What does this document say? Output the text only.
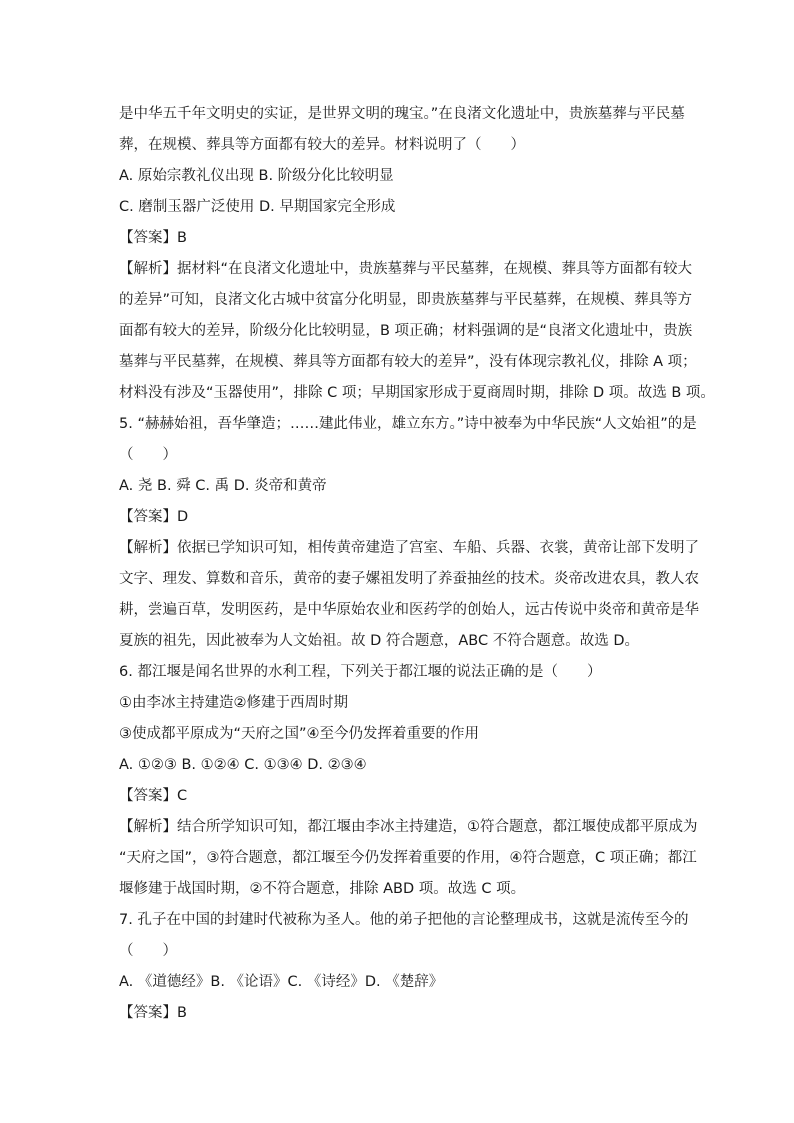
是中华五千年文明史的实证，是世界文明的瑰宝。”在良渚文化遗址中，贵族墓葬与平民墓
葬，在规模、葬具等方面都有较大的差异。材料说明了（　　）
A. 原始宗教礼仪出现 B. 阶级分化比较明显
C. 磨制玉器广泛使用 D. 早期国家完全形成
【答案】B
【解析】据材料“在良渚文化遗址中，贵族墓葬与平民墓葬，在规模、葬具等方面都有较大
的差异”可知，良渚文化古城中贫富分化明显，即贵族墓葬与平民墓葬，在规模、葬具等方
面都有较大的差异，阶级分化比较明显，B 项正确；材料强调的是“良渚文化遗址中，贵族
墓葬与平民墓葬，在规模、葬具等方面都有较大的差异”，没有体现宗教礼仪，排除 A 项；
材料没有涉及“玉器使用”，排除 C 项；早期国家形成于夏商周时期，排除 D 项。故选 B 项。
5. “赫赫始祖，吾华肇造；……建此伟业，雄立东方。”诗中被奉为中华民族“人文始祖”的是
（　　）
A. 尧 B. 舜 C. 禹 D. 炎帝和黄帝
【答案】D
【解析】依据已学知识可知，相传黄帝建造了宫室、车船、兵器、衣裳，黄帝让部下发明了
文字、理发、算数和音乐，黄帝的妻子嫘祖发明了养蚕抽丝的技术。炎帝改进农具，教人农
耕，尝遍百草，发明医药，是中华原始农业和医药学的创始人，远古传说中炎帝和黄帝是华
夏族的祖先，因此被奉为人文始祖。故 D 符合题意，ABC 不符合题意。故选 D。
6. 都江堰是闻名世界的水利工程，下列关于都江堰的说法正确的是（　　）
①由李冰主持建造②修建于西周时期
③使成都平原成为“天府之国”④至今仍发挥着重要的作用
A. ①②③ B. ①②④ C. ①③④ D. ②③④
【答案】C
【解析】结合所学知识可知，都江堰由李冰主持建造，①符合题意，都江堰使成都平原成为
“天府之国”，③符合题意，都江堰至今仍发挥着重要的作用，④符合题意，C 项正确；都江
堰修建于战国时期，②不符合题意，排除 ABD 项。故选 C 项。
7. 孔子在中国的封建时代被称为圣人。他的弟子把他的言论整理成书，这就是流传至今的
（　　）
A. 《道德经》B. 《论语》C. 《诗经》D. 《楚辞》
【答案】B
